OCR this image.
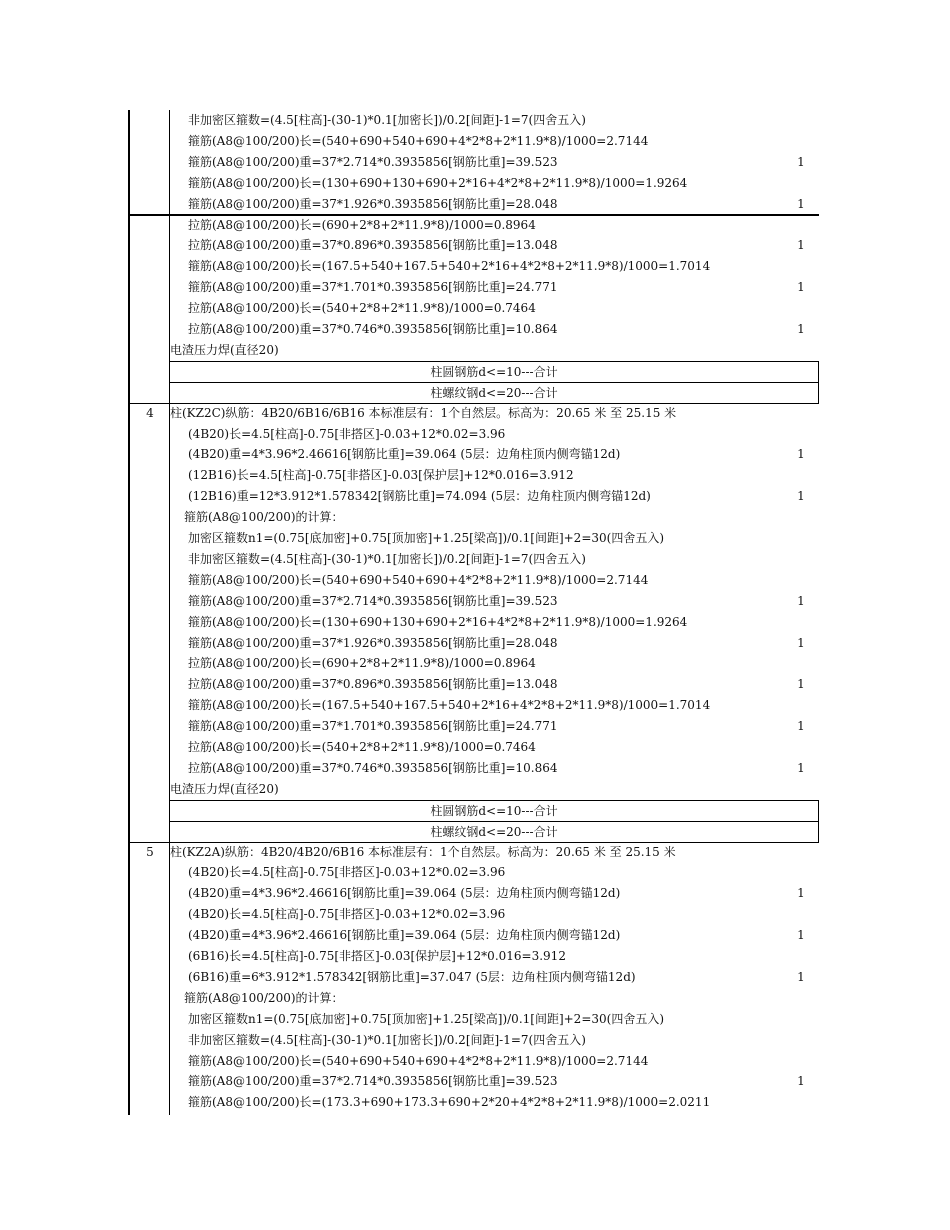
非加密区箍数=(4.5[柱高]-(30-1)*0.1[加密长])/0.2[间距]-1=7(四舍五入)
箍筋(A8@100/200)长=(540+690+540+690+4*2*8+2*11.9*8)/1000=2.7144
箍筋(A8@100/200)重=37*2.714*0.3935856[钢筋比重]=39.523	1
箍筋(A8@100/200)长=(130+690+130+690+2*16+4*2*8+2*11.9*8)/1000=1.9264
箍筋(A8@100/200)重=37*1.926*0.3935856[钢筋比重]=28.048	1
拉筋(A8@100/200)长=(690+2*8+2*11.9*8)/1000=0.8964
拉筋(A8@100/200)重=37*0.896*0.3935856[钢筋比重]=13.048	1
箍筋(A8@100/200)长=(167.5+540+167.5+540+2*16+4*2*8+2*11.9*8)/1000=1.7014
箍筋(A8@100/200)重=37*1.701*0.3935856[钢筋比重]=24.771	1
拉筋(A8@100/200)长=(540+2*8+2*11.9*8)/1000=0.7464
拉筋(A8@100/200)重=37*0.746*0.3935856[钢筋比重]=10.864	1
电渣压力焊(直径20)
柱圆钢筋d<=10---合计
柱螺纹钢d<=20---合计
4	柱(KZ2C)纵筋：4B20/6B16/6B16 本标准层有：1个自然层。标高为：20.65 米 至 25.15 米
(4B20)长=4.5[柱高]-0.75[非搭区]-0.03+12*0.02=3.96
(4B20)重=4*3.96*2.46616[钢筋比重]=39.064 (5层：边角柱顶内侧弯锚12d)	1
(12B16)长=4.5[柱高]-0.75[非搭区]-0.03[保护层]+12*0.016=3.912
(12B16)重=12*3.912*1.578342[钢筋比重]=74.094 (5层：边角柱顶内侧弯锚12d)	1
箍筋(A8@100/200)的计算：
加密区箍数n1=(0.75[底加密]+0.75[顶加密]+1.25[梁高])/0.1[间距]+2=30(四舍五入)
非加密区箍数=(4.5[柱高]-(30-1)*0.1[加密长])/0.2[间距]-1=7(四舍五入)
箍筋(A8@100/200)长=(540+690+540+690+4*2*8+2*11.9*8)/1000=2.7144
箍筋(A8@100/200)重=37*2.714*0.3935856[钢筋比重]=39.523	1
箍筋(A8@100/200)长=(130+690+130+690+2*16+4*2*8+2*11.9*8)/1000=1.9264
箍筋(A8@100/200)重=37*1.926*0.3935856[钢筋比重]=28.048	1
拉筋(A8@100/200)长=(690+2*8+2*11.9*8)/1000=0.8964
拉筋(A8@100/200)重=37*0.896*0.3935856[钢筋比重]=13.048	1
箍筋(A8@100/200)长=(167.5+540+167.5+540+2*16+4*2*8+2*11.9*8)/1000=1.7014
箍筋(A8@100/200)重=37*1.701*0.3935856[钢筋比重]=24.771	1
拉筋(A8@100/200)长=(540+2*8+2*11.9*8)/1000=0.7464
拉筋(A8@100/200)重=37*0.746*0.3935856[钢筋比重]=10.864	1
电渣压力焊(直径20)
柱圆钢筋d<=10---合计
柱螺纹钢d<=20---合计
5	柱(KZ2A)纵筋：4B20/4B20/6B16 本标准层有：1个自然层。标高为：20.65 米 至 25.15 米
(4B20)长=4.5[柱高]-0.75[非搭区]-0.03+12*0.02=3.96
(4B20)重=4*3.96*2.46616[钢筋比重]=39.064 (5层：边角柱顶内侧弯锚12d)	1
(4B20)长=4.5[柱高]-0.75[非搭区]-0.03+12*0.02=3.96
(4B20)重=4*3.96*2.46616[钢筋比重]=39.064 (5层：边角柱顶内侧弯锚12d)	1
(6B16)长=4.5[柱高]-0.75[非搭区]-0.03[保护层]+12*0.016=3.912
(6B16)重=6*3.912*1.578342[钢筋比重]=37.047 (5层：边角柱顶内侧弯锚12d)	1
箍筋(A8@100/200)的计算：
加密区箍数n1=(0.75[底加密]+0.75[顶加密]+1.25[梁高])/0.1[间距]+2=30(四舍五入)
非加密区箍数=(4.5[柱高]-(30-1)*0.1[加密长])/0.2[间距]-1=7(四舍五入)
箍筋(A8@100/200)长=(540+690+540+690+4*2*8+2*11.9*8)/1000=2.7144
箍筋(A8@100/200)重=37*2.714*0.3935856[钢筋比重]=39.523	1
箍筋(A8@100/200)长=(173.3+690+173.3+690+2*20+4*2*8+2*11.9*8)/1000=2.0211
